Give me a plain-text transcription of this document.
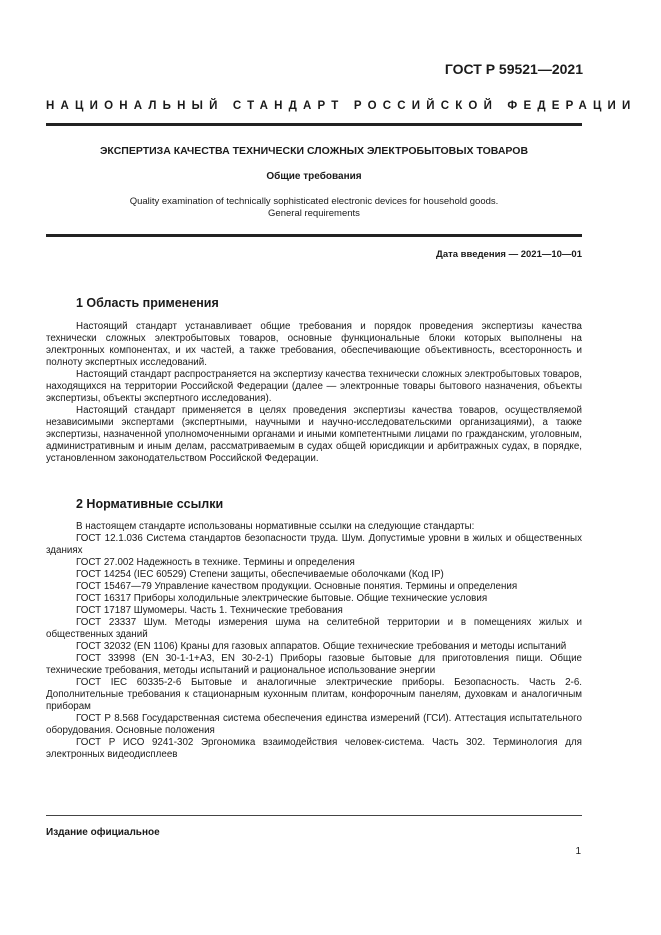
ГОСТ Р 59521—2021
НАЦИОНАЛЬНЫЙ СТАНДАРТ РОССИЙСКОЙ ФЕДЕРАЦИИ
ЭКСПЕРТИЗА КАЧЕСТВА ТЕХНИЧЕСКИ СЛОЖНЫХ ЭЛЕКТРОБЫТОВЫХ ТОВАРОВ
Общие требования
Quality examination of technically sophisticated electronic devices for household goods.
General requirements
Дата введения — 2021—10—01
1 Область применения

Настоящий стандарт устанавливает общие требования и порядок проведения экспертизы качества технически сложных электробытовых товаров, основные функциональные блоки которых выполнены на электронных компонентах, и их частей, а также требования, обеспечивающие объективность, всесторонность и полноту экспертных исследований.

Настоящий стандарт распространяется на экспертизу качества технически сложных электробытовых товаров, находящихся на территории Российской Федерации (далее — электронные товары бытового назначения, объекты экспертизы, объекты экспертного исследования).

Настоящий стандарт применяется в целях проведения экспертизы качества товаров, осуществляемой независимыми экспертами (экспертными, научными и научно-исследовательскими организациями), а также экспертизы, назначенной уполномоченными органами и иными компетентными лицами по гражданским, уголовным, административным и иным делам, рассматриваемым в судах общей юрисдикции и арбитражных судах, в порядке, установленном законодательством Российской Федерации.

2 Нормативные ссылки

В настоящем стандарте использованы нормативные ссылки на следующие стандарты:

ГОСТ 12.1.036 Система стандартов безопасности труда. Шум. Допустимые уровни в жилых и общественных зданиях

ГОСТ 27.002 Надежность в технике. Термины и определения

ГОСТ 14254 (IEC 60529) Степени защиты, обеспечиваемые оболочками (Код IP)

ГОСТ 15467—79 Управление качеством продукции. Основные понятия. Термины и определения

ГОСТ 16317 Приборы холодильные электрические бытовые. Общие технические условия

ГОСТ 17187 Шумомеры. Часть 1. Технические требования

ГОСТ 23337 Шум. Методы измерения шума на селитебной территории и в помещениях жилых и общественных зданий

ГОСТ 32032 (EN 1106) Краны для газовых аппаратов. Общие технические требования и методы испытаний

ГОСТ 33998 (EN 30-1-1+A3, EN 30-2-1) Приборы газовые бытовые для приготовления пищи. Общие технические требования, методы испытаний и рациональное использование энергии

ГОСТ IEC 60335-2-6 Бытовые и аналогичные электрические приборы. Безопасность. Часть 2-6. Дополнительные требования к стационарным кухонным плитам, конфорочным панелям, духовкам и аналогичным приборам

ГОСТ Р 8.568 Государственная система обеспечения единства измерений (ГСИ). Аттестация испытательного оборудования. Основные положения

ГОСТ Р ИСО 9241-302 Эргономика взаимодействия человек-система. Часть 302. Терминология для электронных видеодисплеев

Издание официальное
1
